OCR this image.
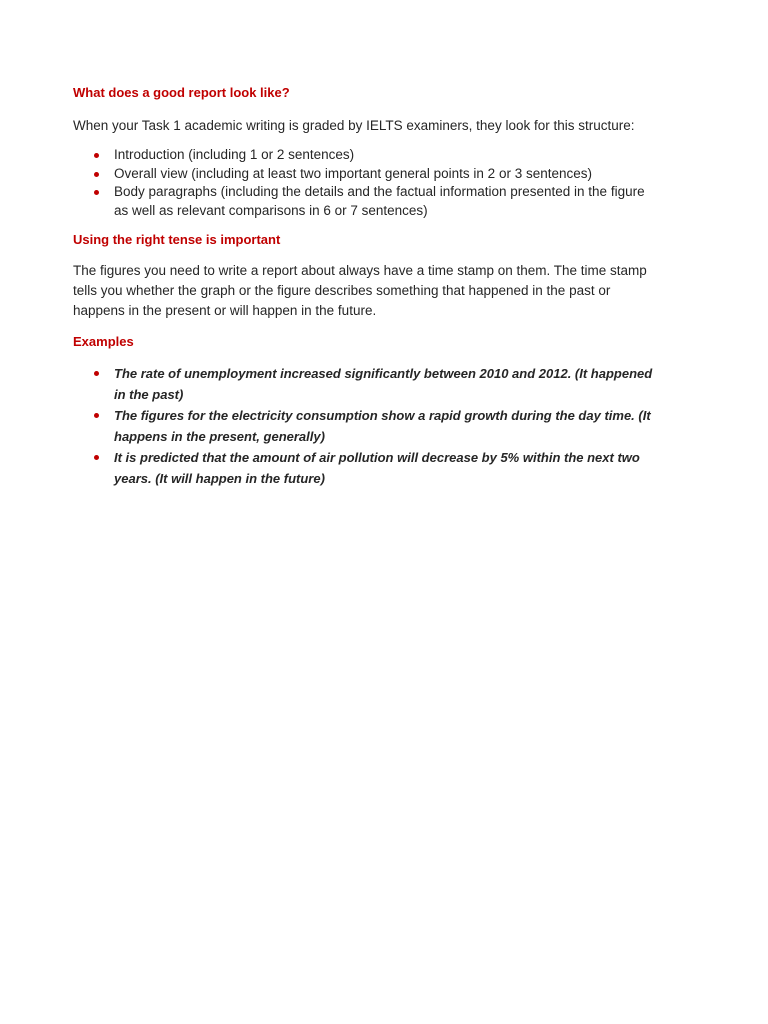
What does a good report look like?

When your Task 1 academic writing is graded by IELTS examiners, they look for this structure:

Introduction (including 1 or 2 sentences)
Overall view (including at least two important general points in 2 or 3 sentences)
Body paragraphs (including the details and the factual information presented in the figure as well as relevant comparisons in 6 or 7 sentences)
Using the right tense is important

The figures you need to write a report about always have a time stamp on them. The time stamp tells you whether the graph or the figure describes something that happened in the past or happens in the present or will happen in the future.

Examples
The rate of unemployment increased significantly between 2010 and 2012. (It happened in the past)
The figures for the electricity consumption show a rapid growth during the day time. (It happens in the present, generally)
It is predicted that the amount of air pollution will decrease by 5% within the next two years. (It will happen in the future)
